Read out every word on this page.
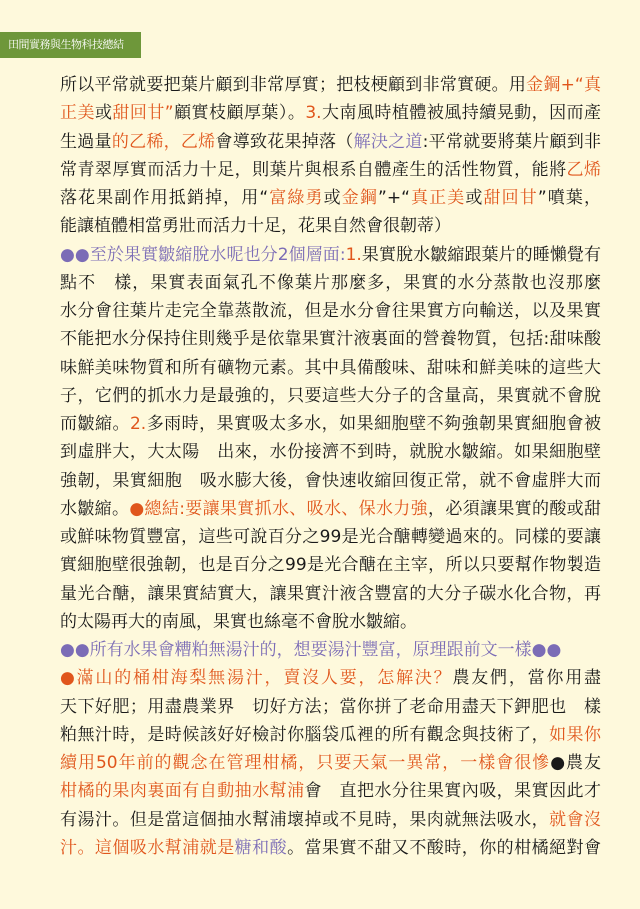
田間實務與生物科技總結
所以平常就要把葉片顧到非常厚實；把枝梗顧到非常實硬。用金鋼+“真
正美或甜回甘”顧實枝顧厚葉）。3.大南風時植體被風持續晃動，因而產
生過量的乙稀，乙烯會導致花果掉落（解決之道:平常就要將葉片顧到非
常青翠厚實而活力十足，則葉片與根系自體產生的活性物質，能將乙烯
落花果副作用抵銷掉，用“富綠勇或金鋼”+“真正美或甜回甘”噴葉，
能讓植體相當勇壯而活力十足，花果自然會很韌蒂）
●●至於果實皺縮脫水呢也分2個層面:1.果實脫水皺縮跟葉片的睡懶覺有
點不　樣，果實表面氣孔不像葉片那麼多，果實的水分蒸散也沒那麼
水分會往葉片走完全靠蒸散流，但是水分會往果實方向輸送，以及果實
不能把水分保持住則幾乎是依靠果實汁液裏面的營養物質，包括:甜味酸
味鮮美味物質和所有礦物元素。其中具備酸味、甜味和鮮美味的這些大
子，它們的抓水力是最強的，只要這些大分子的含量高，果實就不會脫
而皺縮。2.多雨時，果實吸太多水，如果細胞壁不夠強韌果實細胞會被
到虛胖大，大太陽　出來，水份接濟不到時，就脫水皺縮。如果細胞壁
強韌，果實細胞　吸水膨大後，會快速收縮回復正常，就不會虛胖大而
水皺縮。●總結:要讓果實抓水、吸水、保水力強，必須讓果實的酸或甜
或鮮味物質豐富，這些可說百分之99是光合醣轉變過來的。同樣的要讓
實細胞壁很強韌，也是百分之99是光合醣在主宰，所以只要幫作物製造
量光合醣，讓果實結實大，讓果實汁液含豐富的大分子碳水化合物，再
的太陽再大的南風，果實也絲毫不會脫水皺縮。
●●所有水果會糟粕無湯汁的，想要湯汁豐富，原理跟前文一樣●●
●滿山的桶柑海梨無湯汁，賣沒人要，怎解決？農友們，當你用盡
天下好肥；用盡農業界　切好方法；當你拼了老命用盡天下鉀肥也　樣
粕無汁時，是時候該好好檢討你腦袋瓜裡的所有觀念與技術了，如果你
續用50年前的觀念在管理柑橘，只要天氣一異常，一樣會很慘●農友
柑橘的果肉裏面有自動抽水幫浦會　直把水分往果實內吸，果實因此才
有湯汁。但是當這個抽水幫浦壞掉或不見時，果肉就無法吸水，就會沒
汁。這個吸水幫浦就是糖和酸。當果實不甜又不酸時，你的柑橘絕對會
